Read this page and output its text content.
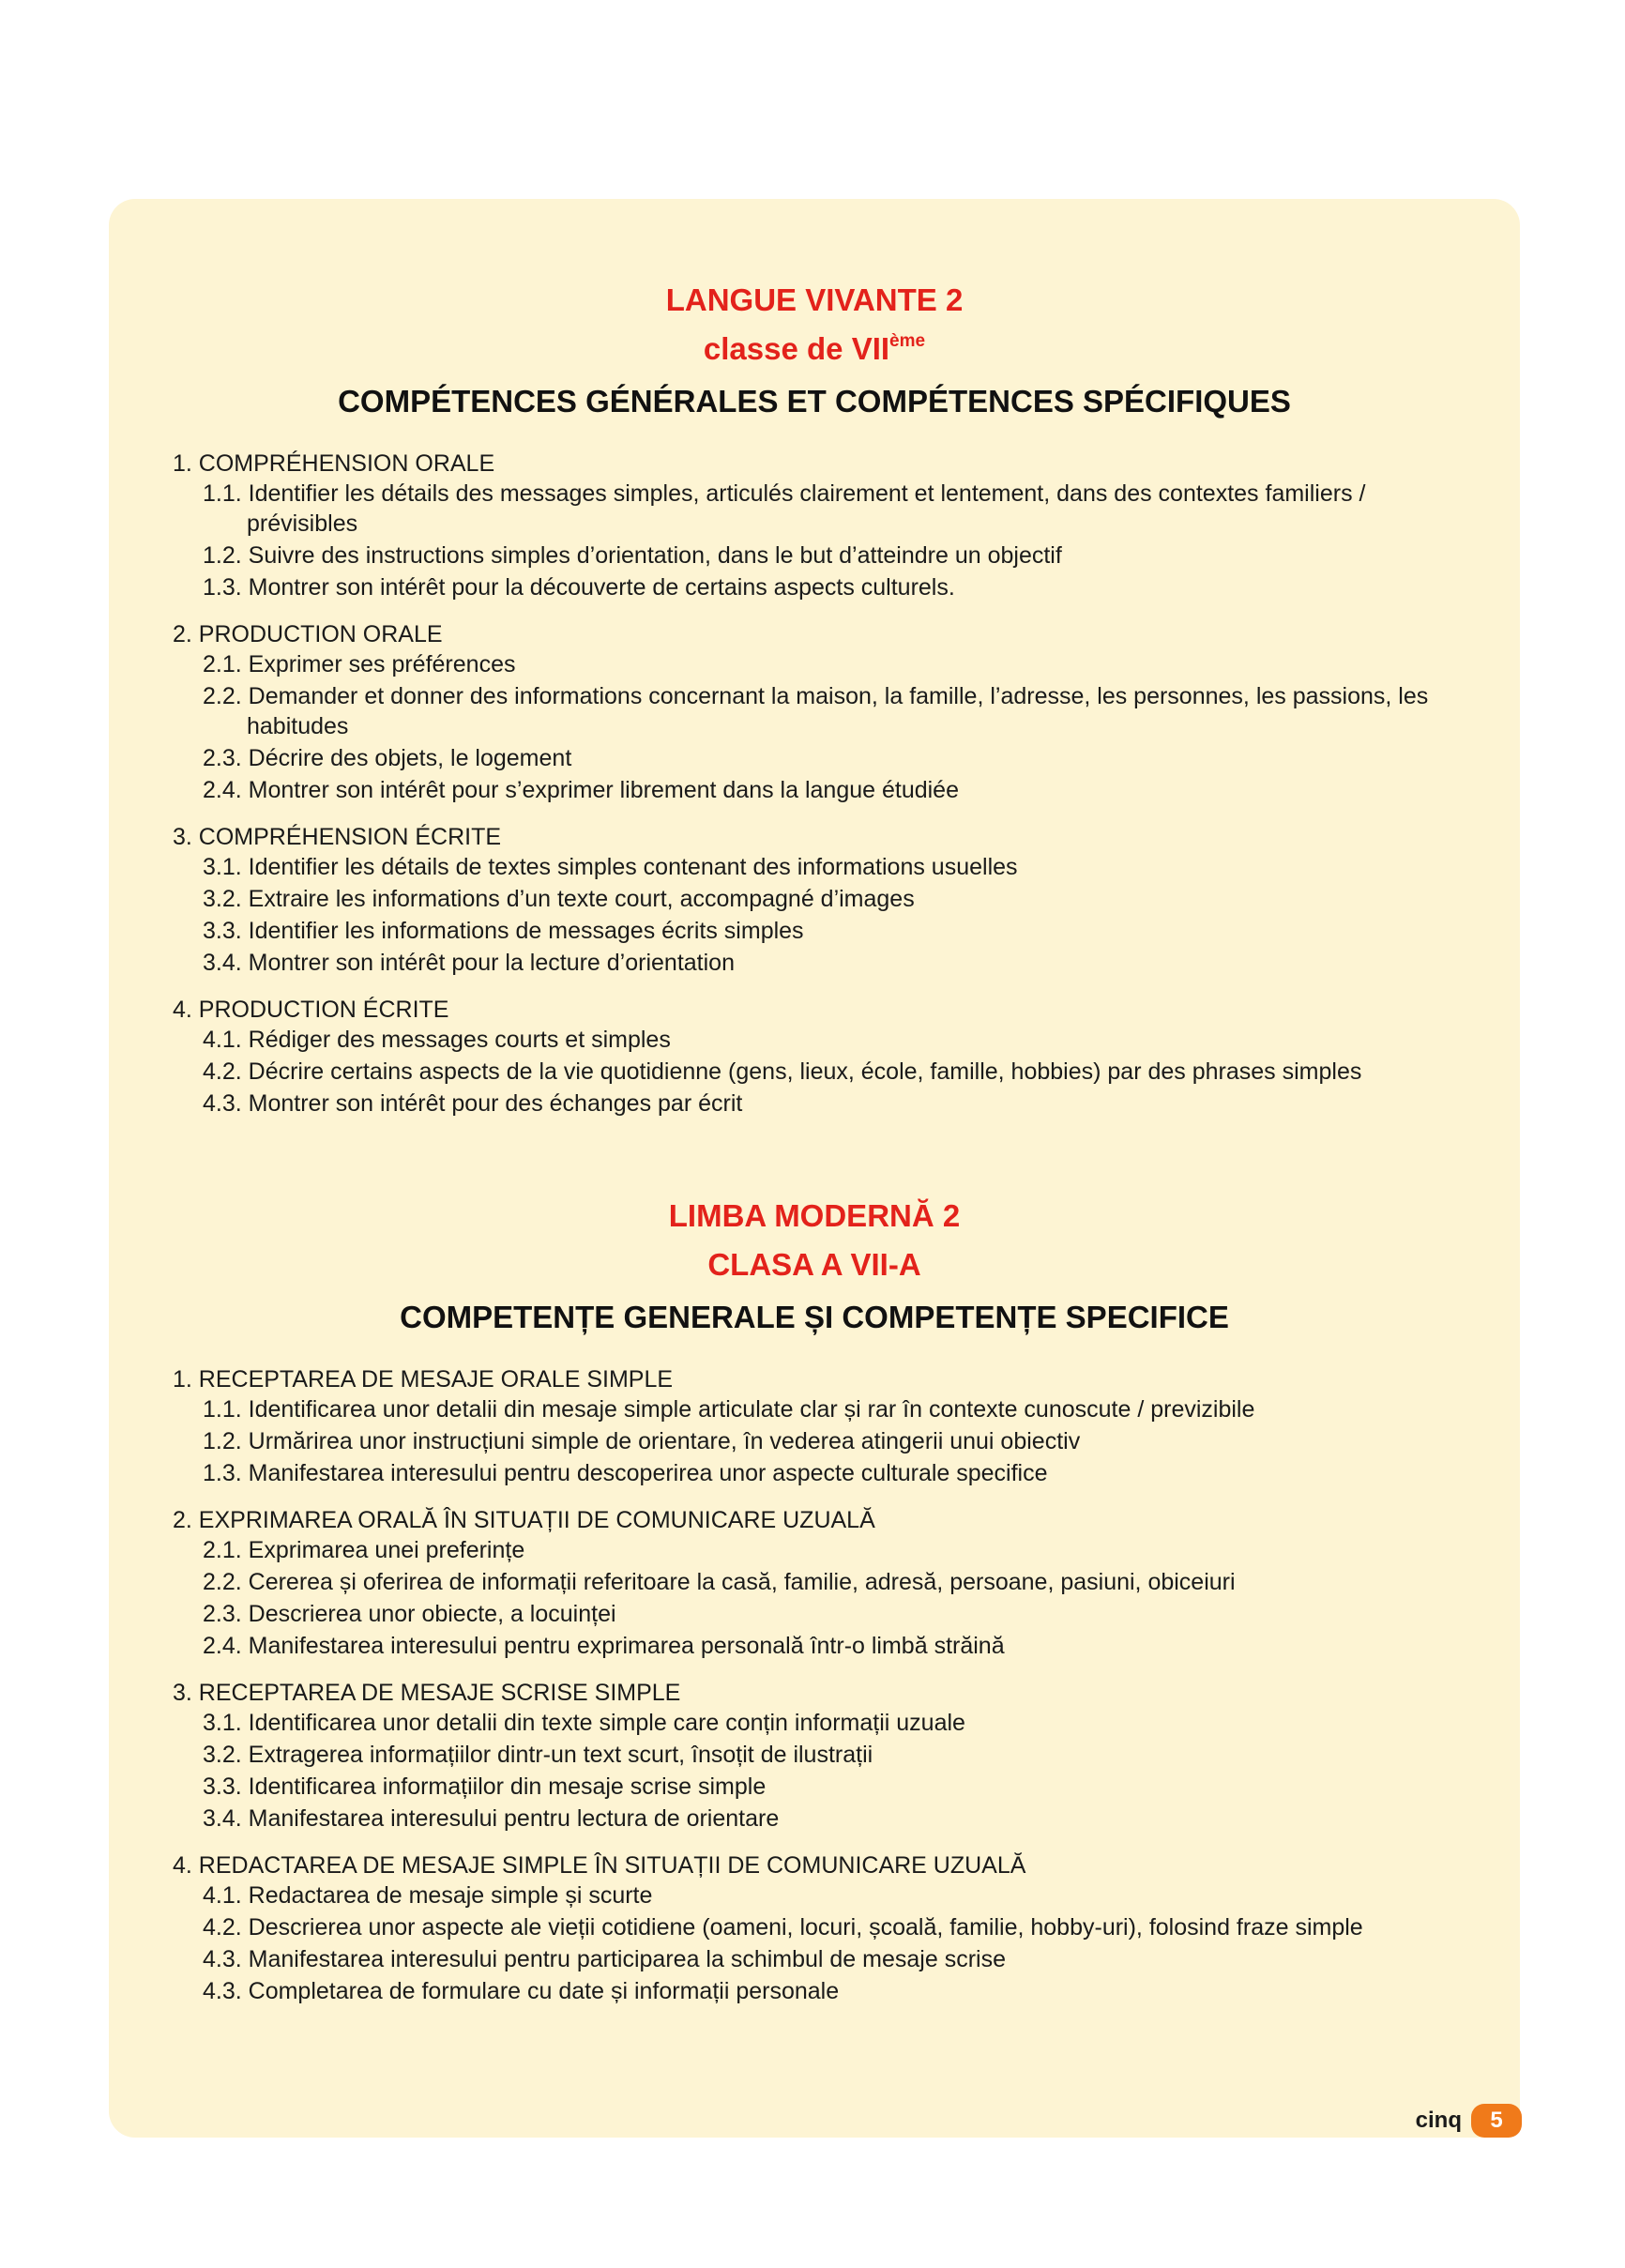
LANGUE VIVANTE 2

classe de VIIème

COMPÉTENCES GÉNÉRALES ET COMPÉTENCES SPÉCIFIQUES

1. COMPRÉHENSION ORALE

1.1. Identifier les détails des messages simples, articulés clairement et lentement, dans des contextes familiers / prévisibles

1.2. Suivre des instructions simples d’orientation, dans le but d’atteindre un objectif

1.3. Montrer son intérêt pour la découverte de certains aspects culturels.

2. PRODUCTION ORALE

2.1. Exprimer ses préférences

2.2. Demander et donner des informations concernant la maison, la famille, l’adresse, les personnes, les passions, les habitudes

2.3. Décrire des objets, le logement

2.4. Montrer son intérêt pour s’exprimer librement dans la langue étudiée

3. COMPRÉHENSION ÉCRITE

3.1. Identifier les détails de textes simples contenant des informations usuelles

3.2. Extraire les informations d’un texte court, accompagné d’images

3.3. Identifier les informations de messages écrits simples

3.4. Montrer son intérêt pour la lecture d’orientation

4. PRODUCTION ÉCRITE

4.1. Rédiger des messages courts et simples

4.2. Décrire certains aspects de la vie quotidienne (gens, lieux, école, famille, hobbies) par des phrases simples

4.3. Montrer son intérêt pour des échanges par écrit

LIMBA MODERNĂ 2

CLASA A VII-A

COMPETENȚE GENERALE ȘI COMPETENȚE SPECIFICE

1. RECEPTAREA DE MESAJE ORALE SIMPLE

1.1. Identificarea unor detalii din mesaje simple articulate clar și rar în contexte cunoscute / previzibile

1.2. Urmărirea unor instrucțiuni simple de orientare, în vederea atingerii unui obiectiv

1.3. Manifestarea interesului pentru descoperirea unor aspecte culturale specifice

2. EXPRIMAREA ORALĂ ÎN SITUAȚII DE COMUNICARE UZUALĂ

2.1. Exprimarea unei preferințe

2.2. Cererea și oferirea de informații referitoare la casă, familie, adresă, persoane, pasiuni, obiceiuri

2.3. Descrierea unor obiecte, a locuinței

2.4. Manifestarea interesului pentru exprimarea personală într-o limbă străină

3. RECEPTAREA DE MESAJE SCRISE SIMPLE

3.1. Identificarea unor detalii din texte simple care conțin informații uzuale

3.2. Extragerea informațiilor dintr-un text scurt, însoțit de ilustrații

3.3. Identificarea informațiilor din mesaje scrise simple

3.4. Manifestarea interesului pentru lectura de orientare

4. REDACTAREA DE MESAJE SIMPLE ÎN SITUAȚII DE COMUNICARE UZUALĂ

4.1. Redactarea de mesaje simple și scurte

4.2. Descrierea unor aspecte ale vieții cotidiene (oameni, locuri, școală, familie, hobby-uri), folosind fraze simple

4.3. Manifestarea interesului pentru participarea la schimbul de mesaje scrise

4.3. Completarea de formulare cu date și informații personale

cinq	5
